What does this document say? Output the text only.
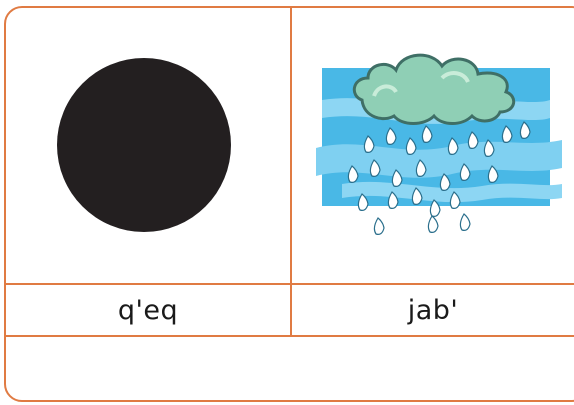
q'eq	jab'
